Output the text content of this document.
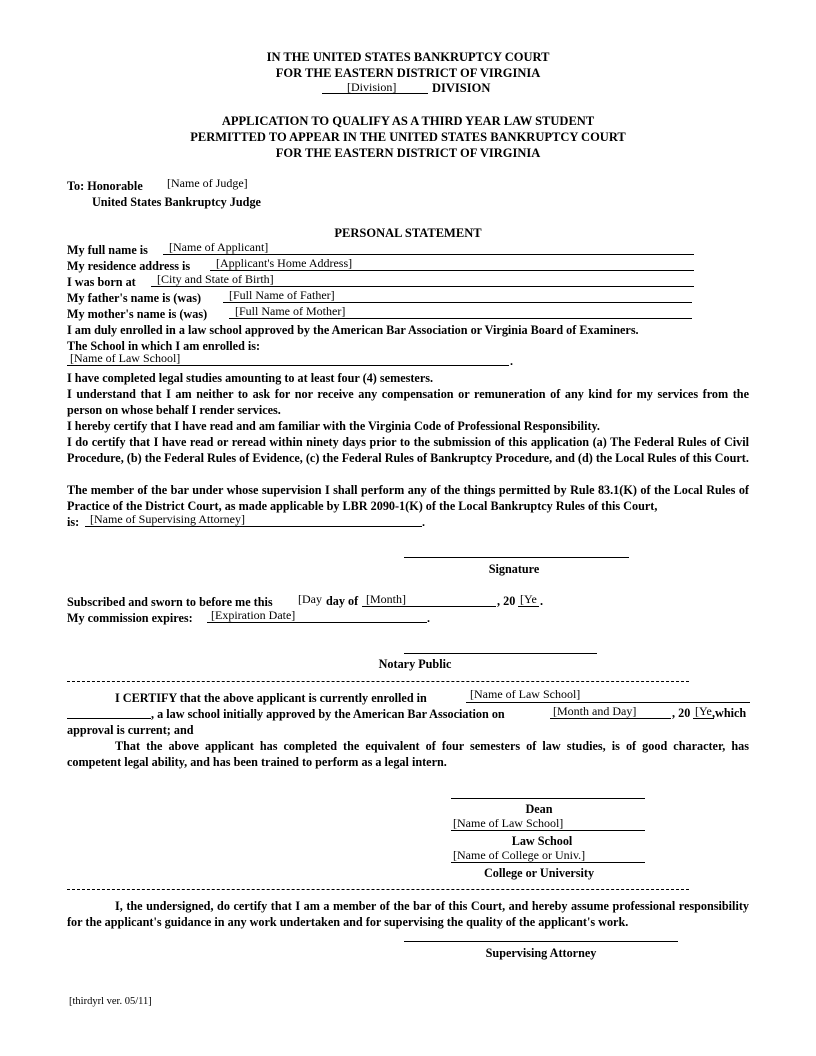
IN THE UNITED STATES BANKRUPTCY COURT
FOR THE EASTERN DISTRICT OF VIRGINIA
[Division]	DIVISION
APPLICATION TO QUALIFY AS A THIRD YEAR LAW STUDENT
PERMITTED TO APPEAR IN THE UNITED STATES BANKRUPTCY COURT
FOR THE EASTERN DISTRICT OF VIRGINIA
To: Honorable [Name of Judge]
United States Bankruptcy Judge
PERSONAL STATEMENT
My full name is [Name of Applicant]
My residence address is [Applicant's Home Address]
I was born at [City and State of Birth]
My father's name is (was) [Full Name of Father]
My mother's name is (was) [Full Name of Mother]
I am duly enrolled in a law school approved by the American Bar Association or Virginia Board of Examiners.
The School in which I am enrolled is:
[Name of Law School]	.
I have completed legal studies amounting to at least four (4) semesters.
I understand that I am neither to ask for nor receive any compensation or remuneration of any kind for my services from the person on whose behalf I render services.
I hereby certify that I have read and am familiar with the Virginia Code of Professional Responsibility.
I do certify that I have read or reread within ninety days prior to the submission of this application (a) The Federal Rules of Civil Procedure, (b) the Federal Rules of Evidence, (c) the Federal Rules of Bankruptcy Procedure, and (d) the Local Rules of this Court.
The member of the bar under whose supervision I shall perform any of the things permitted by Rule 83.1(K) of the Local Rules of Practice of the District Court, as made applicable by LBR 2090-1(K) of the Local Bankruptcy Rules of this Court,
is: [Name of Supervising Attorney]	.
Signature
Subscribed and sworn to before me this [Day day of [Month]	, 20 [Ye .
My commission expires: [Expiration Date]	.
Notary Public
I CERTIFY that the above applicant is currently enrolled in	[Name of Law School]
, a law school initially approved by the American Bar Association on	[Month and Day]	, 20 [Ye ,which
approval is current; and
That the above applicant has completed the equivalent of four semesters of law studies, is of good character, has competent legal ability, and has been trained to perform as a legal intern.
Dean
[Name of Law School]
Law School
[Name of College or Univ.]
College or University
I, the undersigned, do certify that I am a member of the bar of this Court, and hereby assume professional responsibility for the applicant's guidance in any work undertaken and for supervising the quality of the applicant's work.
Supervising Attorney
[thirdyrl ver. 05/11]
